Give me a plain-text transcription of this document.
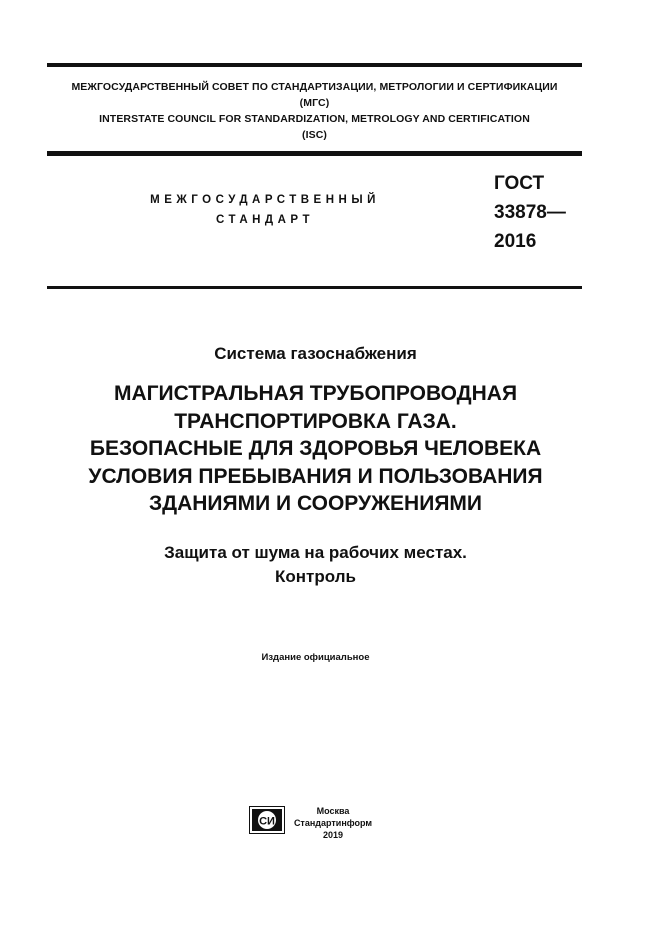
МЕЖГОСУДАРСТВЕННЫЙ СОВЕТ ПО СТАНДАРТИЗАЦИИ, МЕТРОЛОГИИ И СЕРТИФИКАЦИИ
(МГС)
INTERSTATE COUNCIL FOR STANDARDIZATION, METROLOGY AND CERTIFICATION
(ISC)
МЕЖГОСУДАРСТВЕННЫЙ
СТАНДАРТ
ГОСТ
33878—
2016
Система газоснабжения
МАГИСТРАЛЬНАЯ ТРУБОПРОВОДНАЯ
ТРАНСПОРТИРОВКА ГАЗА.
БЕЗОПАСНЫЕ ДЛЯ ЗДОРОВЬЯ ЧЕЛОВЕКА
УСЛОВИЯ ПРЕБЫВАНИЯ И ПОЛЬЗОВАНИЯ
ЗДАНИЯМИ И СООРУЖЕНИЯМИ
Защита от шума на рабочих местах.
Контроль
Издание официальное
СИ
Москва
Стандартинформ
2019
